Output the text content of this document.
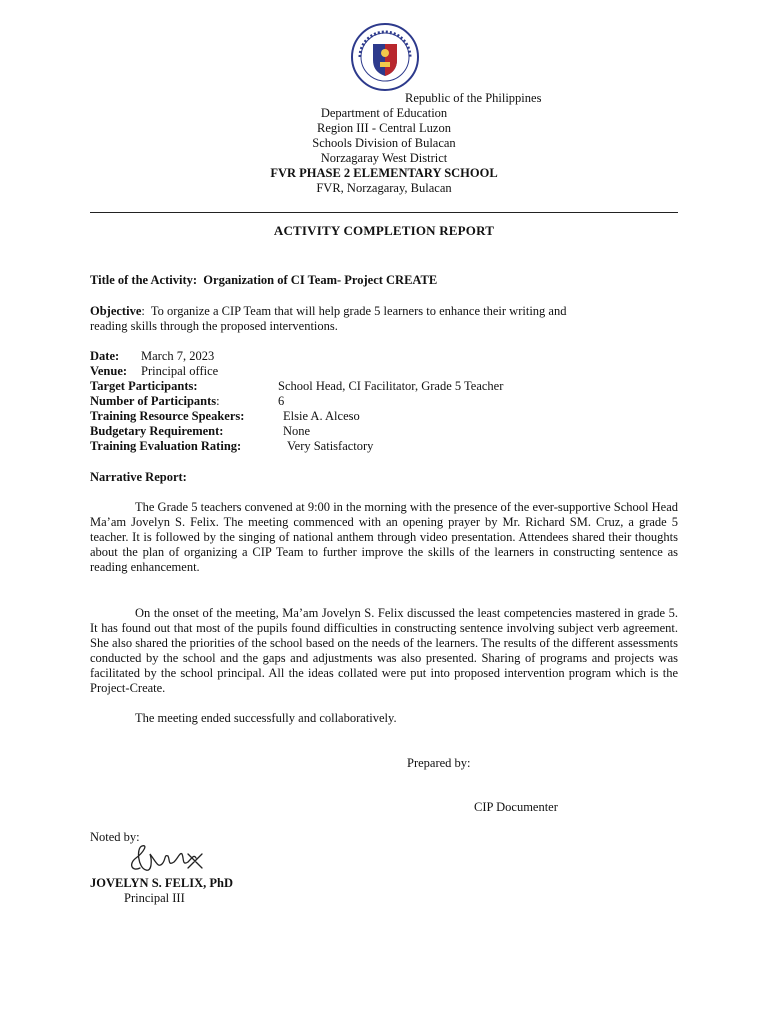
Republic of the Philippines
Department of Education
Region III - Central Luzon
Schools Division of Bulacan
Norzagaray West District
FVR PHASE 2 ELEMENTARY SCHOOL
FVR, Norzagaray, Bulacan
ACTIVITY COMPLETION REPORT
Title of the Activity: Organization of CI Team- Project CREATE
Objective:  To organize a CIP Team that will help grade 5 learners to enhance their writing and
reading skills through the proposed interventions.
Date: March 7, 2023
Venue: Principal office
Target Participants:	School Head, CI Facilitator, Grade 5 Teacher
Number of Participants:	6
Training Resource Speakers:	Elsie A. Alceso
Budgetary Requirement:	None
Training Evaluation Rating:	Very Satisfactory
Narrative Report:
The Grade 5 teachers convened at 9:00 in the morning with the presence of the ever-supportive School Head Ma’am Jovelyn S. Felix. The meeting commenced with an opening prayer by Mr. Richard SM. Cruz, a grade 5 teacher. It is followed by the singing of national anthem through video presentation. Attendees shared their thoughts about the plan of organizing a CIP Team to further improve the skills of the learners in constructing sentence as reading enhancement.
On the onset of the meeting, Ma’am Jovelyn S. Felix discussed the least competencies mastered in grade 5. It has found out that most of the pupils found difficulties in constructing sentence involving subject verb agreement. She also shared the priorities of the school based on the needs of the learners. The results of the different assessments conducted by the school and the gaps and adjustments was also presented. Sharing of programs and projects was facilitated by the school principal. All the ideas collated were put into proposed intervention program which is the Project-Create.
The meeting ended successfully and collaboratively.
Prepared by:
CIP Documenter
Noted by:
JOVELYN S. FELIX, PhD
Principal III
